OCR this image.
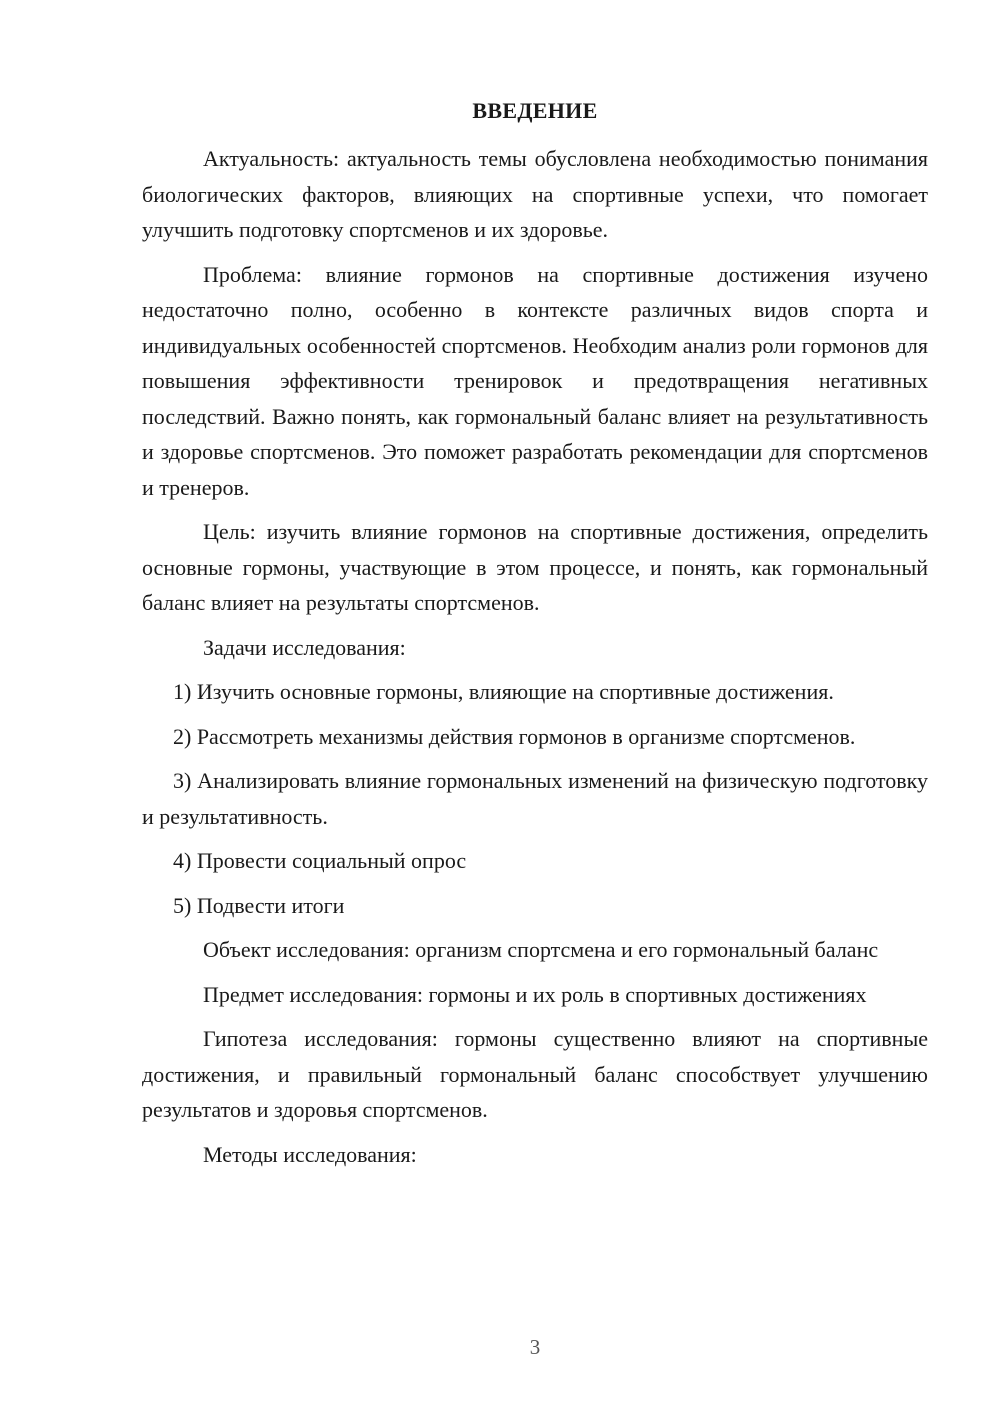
ВВЕДЕНИЕ

Актуальность: актуальность темы обусловлена необходимостью понимания биологических факторов, влияющих на спортивные успехи, что помогает улучшить подготовку спортсменов и их здоровье.

Проблема: влияние гормонов на спортивные достижения изучено недостаточно полно, особенно в контексте различных видов спорта и индивидуальных особенностей спортсменов. Необходим анализ роли гормонов для повышения эффективности тренировок и предотвращения негативных последствий. Важно понять, как гормональный баланс влияет на результативность и здоровье спортсменов. Это поможет разработать рекомендации для спортсменов и тренеров.

Цель: изучить влияние гормонов на спортивные достижения, определить основные гормоны, участвующие в этом процессе, и понять, как гормональный баланс влияет на результаты спортсменов.

Задачи исследования:

1) Изучить основные гормоны, влияющие на спортивные достижения.

2) Рассмотреть механизмы действия гормонов в организме спортсменов.

3) Анализировать влияние гормональных изменений на физическую подготовку и результативность.

4) Провести социальный опрос

5) Подвести итоги

Объект исследования: организм спортсмена и его гормональный баланс

Предмет исследования: гормоны и их роль в спортивных достижениях

Гипотеза исследования: гормоны существенно влияют на спортивные достижения, и правильный гормональный баланс способствует улучшению результатов и здоровья спортсменов.

Методы исследования:

3
